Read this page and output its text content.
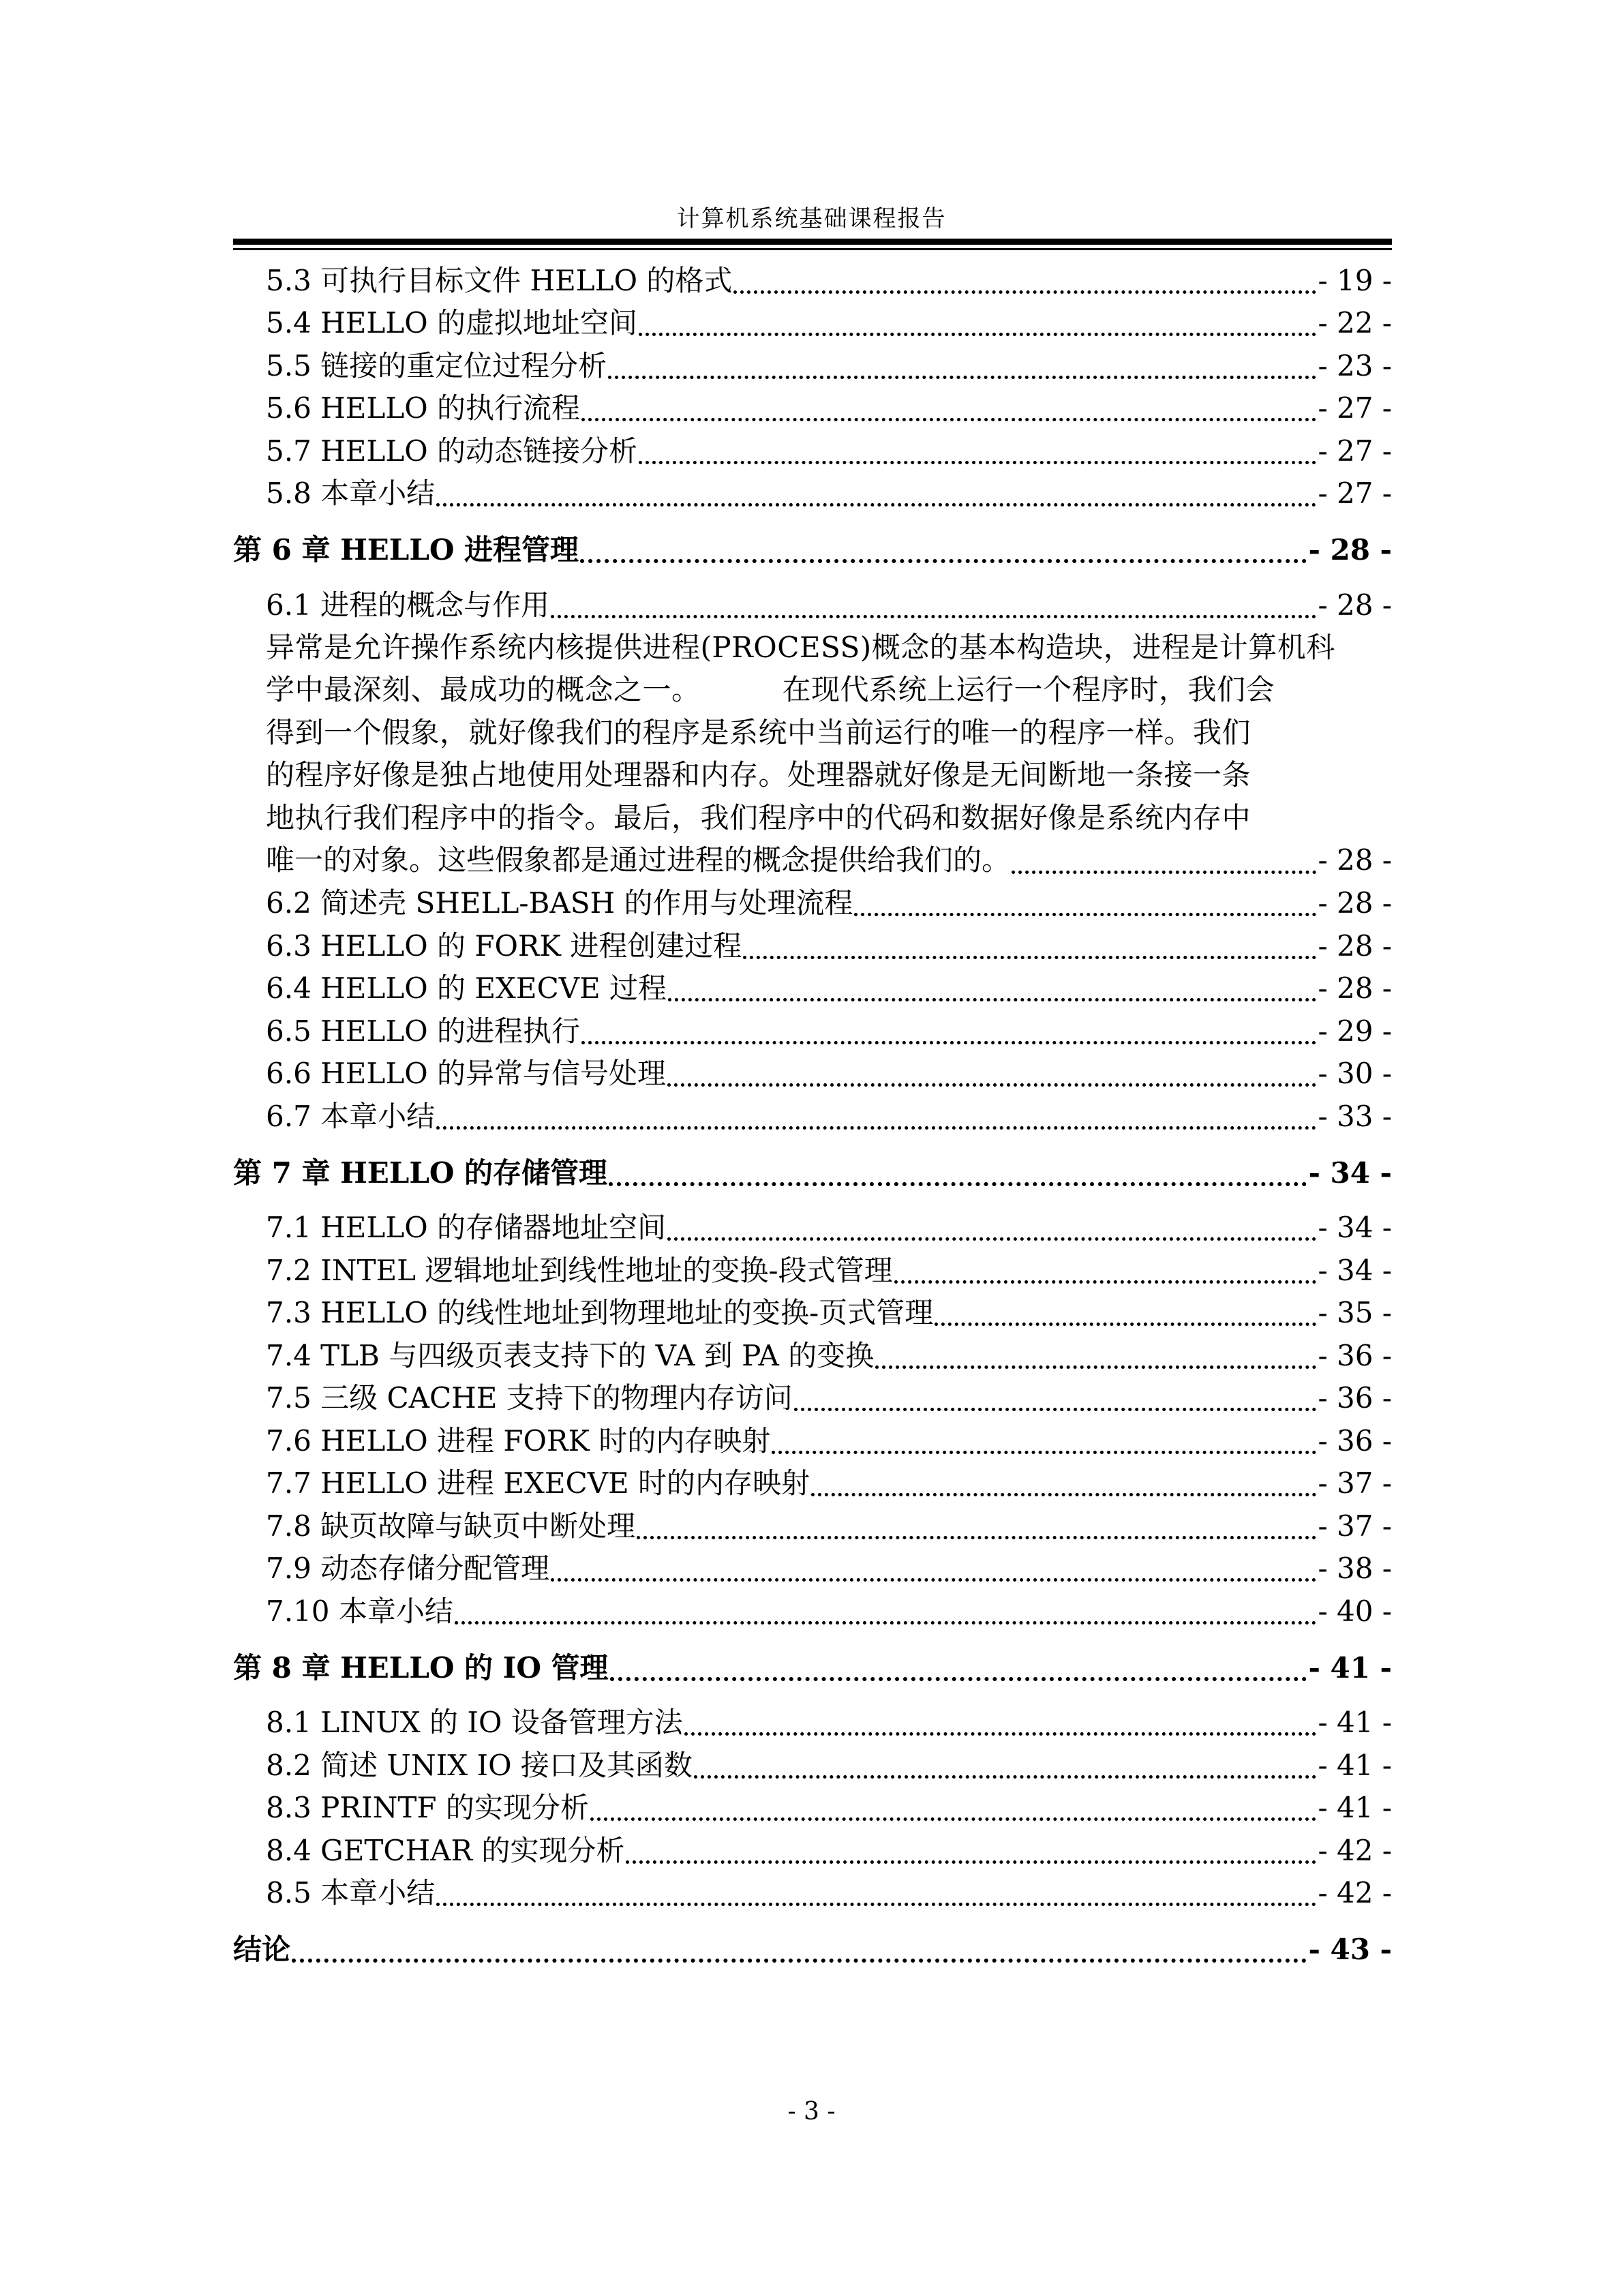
计算机系统基础课程报告
5.3 可执行目标文件 HELLO 的格式	- 19 -
5.4 HELLO 的虚拟地址空间	- 22 -
5.5 链接的重定位过程分析	- 23 -
5.6 HELLO 的执行流程	- 27 -
5.7 HELLO 的动态链接分析	- 27 -
5.8 本章小结	- 27 -
第 6 章 HELLO 进程管理	- 28 -
6.1 进程的概念与作用	- 28 -
异常是允许操作系统内核提供进程(PROCESS)概念的基本构造块，进程是计算机科
学中最深刻、最成功的概念之一。	在现代系统上运行一个程序时，我们会
得到一个假象，就好像我们的程序是系统中当前运行的唯一的程序一样。我们
的程序好像是独占地使用处理器和内存。处理器就好像是无间断地一条接一条
地执行我们程序中的指令。最后，我们程序中的代码和数据好像是系统内存中
唯一的对象。这些假象都是通过进程的概念提供给我们的。	- 28 -
6.2 简述壳 SHELL-BASH 的作用与处理流程	- 28 -
6.3 HELLO 的 FORK 进程创建过程	- 28 -
6.4 HELLO 的 EXECVE 过程	- 28 -
6.5 HELLO 的进程执行	- 29 -
6.6 HELLO 的异常与信号处理	- 30 -
6.7 本章小结	- 33 -
第 7 章 HELLO 的存储管理	- 34 -
7.1 HELLO 的存储器地址空间	- 34 -
7.2 INTEL 逻辑地址到线性地址的变换-段式管理	- 34 -
7.3 HELLO 的线性地址到物理地址的变换-页式管理	- 35 -
7.4 TLB 与四级页表支持下的 VA 到 PA 的变换	- 36 -
7.5 三级 CACHE 支持下的物理内存访问	- 36 -
7.6 HELLO 进程 FORK 时的内存映射	- 36 -
7.7 HELLO 进程 EXECVE 时的内存映射	- 37 -
7.8 缺页故障与缺页中断处理	- 37 -
7.9 动态存储分配管理	- 38 -
7.10 本章小结	- 40 -
第 8 章 HELLO 的 IO 管理	- 41 -
8.1 LINUX 的 IO 设备管理方法	- 41 -
8.2 简述 UNIX IO 接口及其函数	- 41 -
8.3 PRINTF 的实现分析	- 41 -
8.4 GETCHAR 的实现分析	- 42 -
8.5 本章小结	- 42 -
结论	- 43 -
- 3 -
